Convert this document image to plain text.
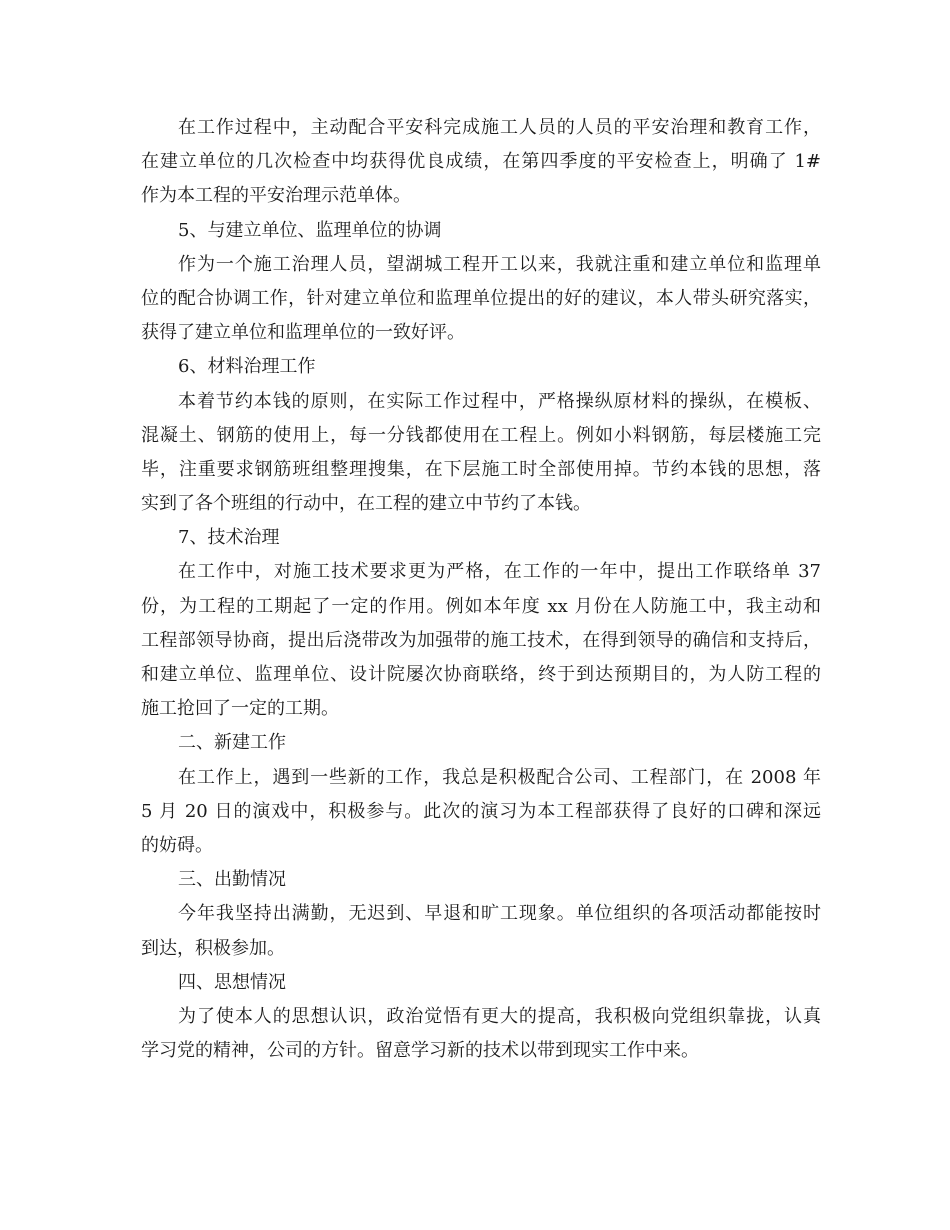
在工作过程中，主动配合平安科完成施工人员的人员的平安治理和教育工作，
在建立单位的几次检查中均获得优良成绩，在第四季度的平安检查上，明确了 1#
作为本工程的平安治理示范单体。
5、与建立单位、监理单位的协调
作为一个施工治理人员，望湖城工程开工以来，我就注重和建立单位和监理单
位的配合协调工作，针对建立单位和监理单位提出的好的建议，本人带头研究落实，
获得了建立单位和监理单位的一致好评。
6、材料治理工作
本着节约本钱的原则，在实际工作过程中，严格操纵原材料的操纵，在模板、
混凝土、钢筋的使用上，每一分钱都使用在工程上。例如小料钢筋，每层楼施工完
毕，注重要求钢筋班组整理搜集，在下层施工时全部使用掉。节约本钱的思想，落
实到了各个班组的行动中，在工程的建立中节约了本钱。
7、技术治理
在工作中，对施工技术要求更为严格，在工作的一年中，提出工作联络单 37
份，为工程的工期起了一定的作用。例如本年度 xx 月份在人防施工中，我主动和
工程部领导协商，提出后浇带改为加强带的施工技术，在得到领导的确信和支持后，
和建立单位、监理单位、设计院屡次协商联络，终于到达预期目的，为人防工程的
施工抢回了一定的工期。
二、新建工作
在工作上，遇到一些新的工作，我总是积极配合公司、工程部门，在 2008 年
5 月 20 日的演戏中，积极参与。此次的演习为本工程部获得了良好的口碑和深远
的妨碍。
三、出勤情况
今年我坚持出满勤，无迟到、早退和旷工现象。单位组织的各项活动都能按时
到达，积极参加。
四、思想情况
为了使本人的思想认识，政治觉悟有更大的提高，我积极向党组织靠拢，认真
学习党的精神，公司的方针。留意学习新的技术以带到现实工作中来。
